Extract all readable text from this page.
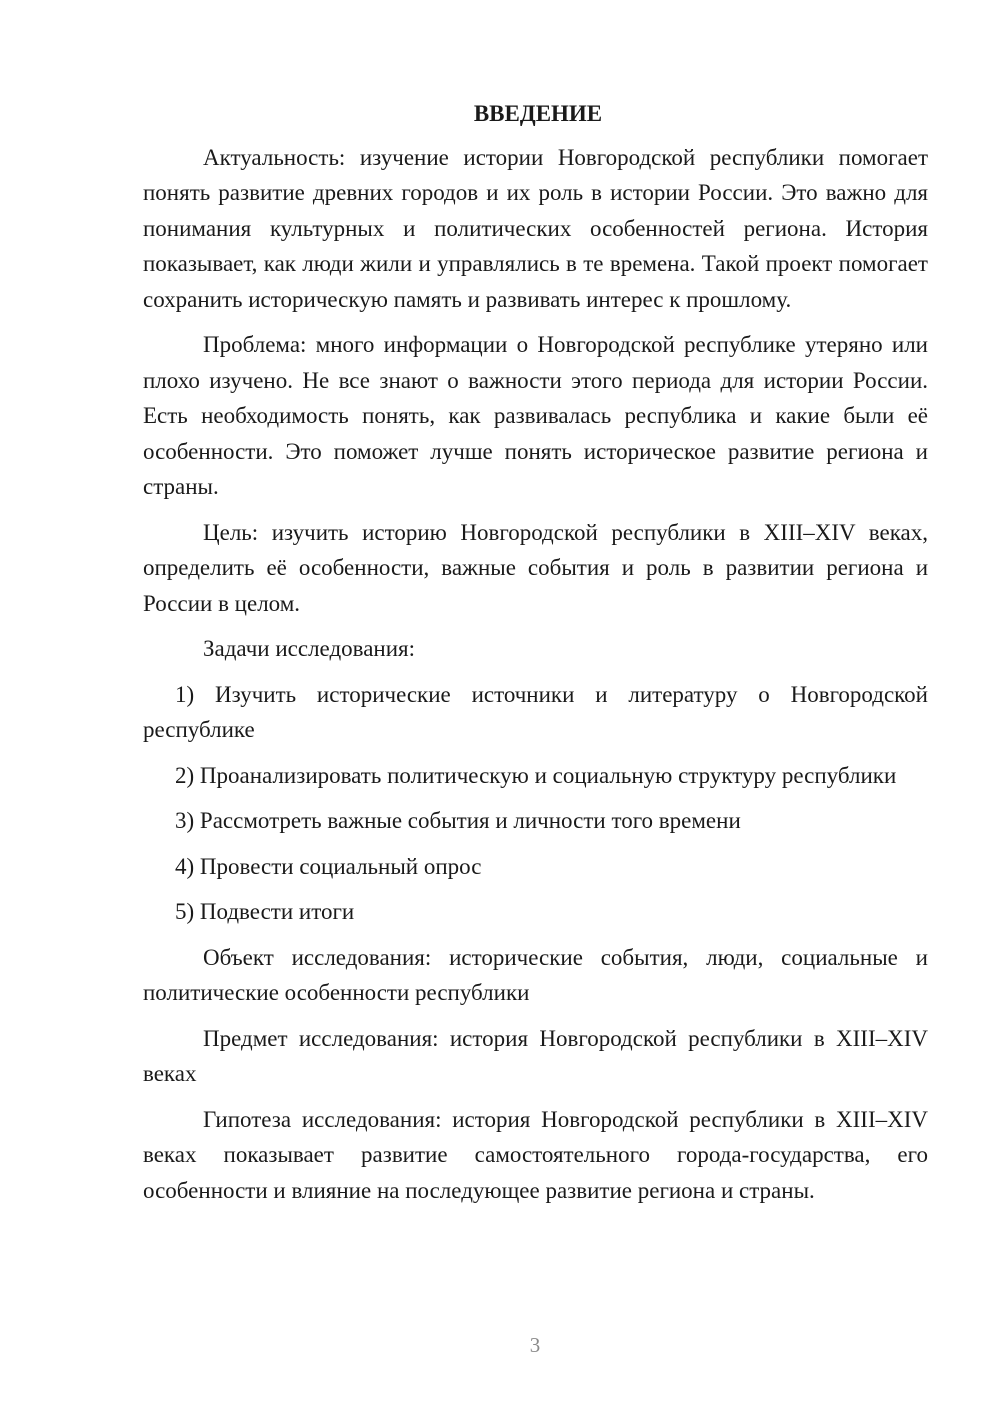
ВВЕДЕНИЕ

Актуальность: изучение истории Новгородской республики помогает понять развитие древних городов и их роль в истории России. Это важно для понимания культурных и политических особенностей региона. История показывает, как люди жили и управлялись в те времена. Такой проект помогает сохранить историческую память и развивать интерес к прошлому.

Проблема: много информации о Новгородской республике утеряно или плохо изучено. Не все знают о важности этого периода для истории России. Есть необходимость понять, как развивалась республика и какие были её особенности. Это поможет лучше понять историческое развитие региона и страны.

Цель: изучить историю Новгородской республики в XIII–XIV веках, определить её особенности, важные события и роль в развитии региона и России в целом.

Задачи исследования:

1) Изучить исторические источники и литературу о Новгородской республике

2) Проанализировать политическую и социальную структуру республики

3) Рассмотреть важные события и личности того времени

4) Провести социальный опрос

5) Подвести итоги

Объект исследования: исторические события, люди, социальные и политические особенности республики

Предмет исследования: история Новгородской республики в XIII–XIV веках

Гипотеза исследования: история Новгородской республики в XIII–XIV веках показывает развитие самостоятельного города-государства, его особенности и влияние на последующее развитие региона и страны.

3
